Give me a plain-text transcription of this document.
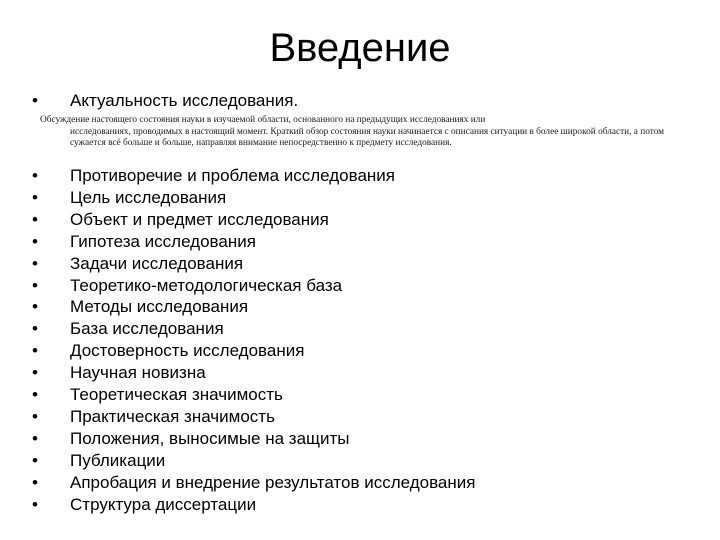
Введение
• Актуальность исследования.
Обсуждение настоящего состояния науки в изучаемой области, основанного на предыдущих исследованиях или
исследованиях, проводимых в настоящий момент. Краткий обзор состояния науки начинается с описания ситуации в более широкой области, а потом сужается всё больше и больше, направляя внимание непосредственно к предмету исследования.
•	Противоречие и проблема исследования
•	Цель исследования
•	Объект и предмет исследования
•	Гипотеза исследования
•	Задачи исследования
•	Теоретико-методологическая база
•	Методы исследования
•	База исследования
•	Достоверность исследования
•	Научная новизна
•	Теоретическая значимость
•	Практическая значимость
•	Положения, выносимые на защиты
•	Публикации
•	Апробация и внедрение результатов исследования
•	Структура диссертации
